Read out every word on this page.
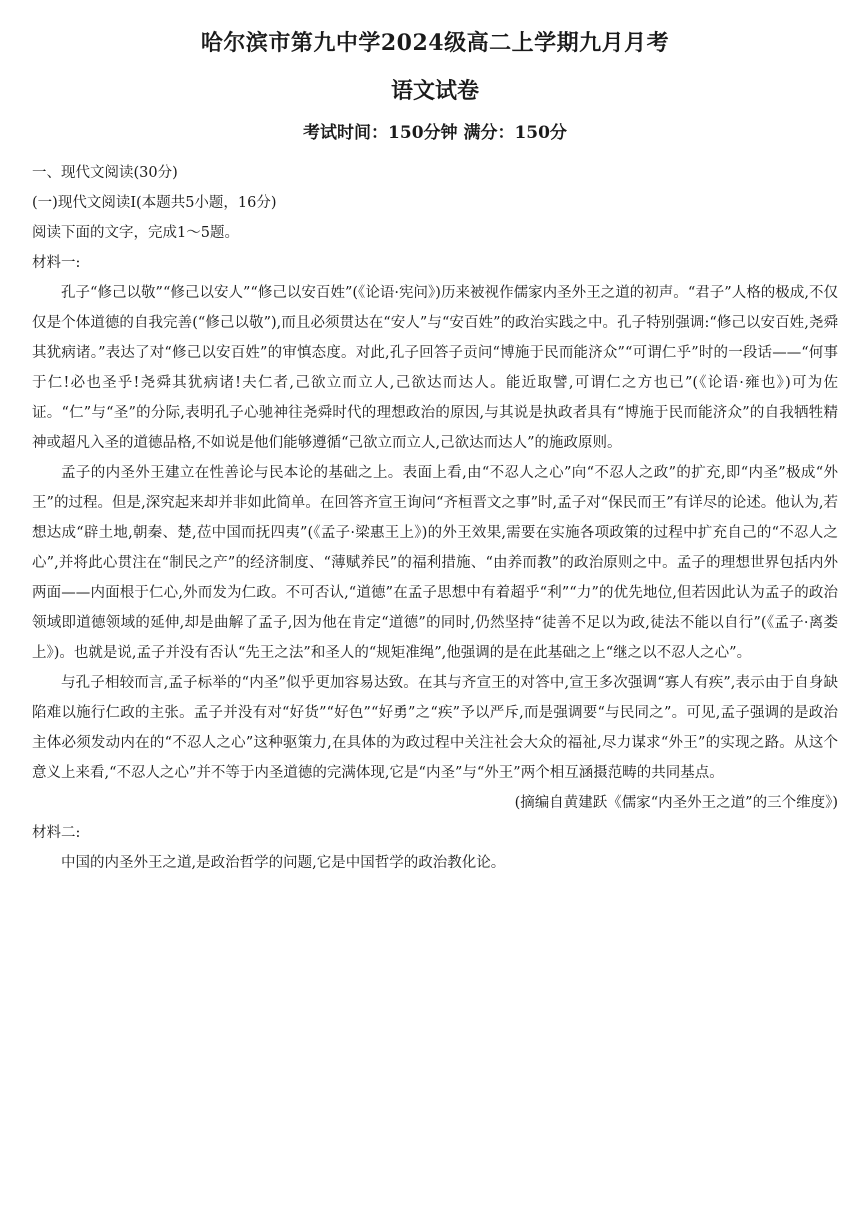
哈尔滨市第九中学2024级高二上学期九月月考
语文试卷
考试时间：150分钟 满分：150分

一、现代文阅读(30分)

(一)现代文阅读Ⅰ(本题共5小题，16分)

阅读下面的文字，完成1～5题。

材料一:

孔子“修己以敬”“修己以安人”“修己以安百姓”(《论语·宪问》)历来被视作儒家内圣外王之道的初声。“君子”人格的极成,不仅仅是个体道德的自我完善(“修己以敬”),而且必须贯达在“安人”与“安百姓”的政治实践之中。孔子特别强调:“修己以安百姓,尧舜其犹病诸。”表达了对“修己以安百姓”的审慎态度。对此,孔子回答子贡问“博施于民而能济众”“可谓仁乎”时的一段话——“何事于仁!必也圣乎!尧舜其犹病诸!夫仁者,己欲立而立人,己欲达而达人。能近取譬,可谓仁之方也已”(《论语·雍也》)可为佐证。“仁”与“圣”的分际,表明孔子心驰神往尧舜时代的理想政治的原因,与其说是执政者具有“博施于民而能济众”的自我牺牲精神或超凡入圣的道德品格,不如说是他们能够遵循“己欲立而立人,己欲达而达人”的施政原则。

孟子的内圣外王建立在性善论与民本论的基础之上。表面上看,由“不忍人之心”向“不忍人之政”的扩充,即“内圣”极成“外王”的过程。但是,深究起来却并非如此简单。在回答齐宣王询问“齐桓晋文之事”时,孟子对“保民而王”有详尽的论述。他认为,若想达成“辟土地,朝秦、楚,莅中国而抚四夷”(《孟子·梁惠王上》)的外王效果,需要在实施各项政策的过程中扩充自己的“不忍人之心”,并将此心贯注在“制民之产”的经济制度、“薄赋养民”的福利措施、“由养而教”的政治原则之中。孟子的理想世界包括内外两面——内面根于仁心,外而发为仁政。不可否认,“道德”在孟子思想中有着超乎“利”“力”的优先地位,但若因此认为孟子的政治领域即道德领域的延伸,却是曲解了孟子,因为他在肯定“道德”的同时,仍然坚持“徒善不足以为政,徒法不能以自行”(《孟子·离娄上》)。也就是说,孟子并没有否认“先王之法”和圣人的“规矩准绳”,他强调的是在此基础之上“继之以不忍人之心”。

与孔子相较而言,孟子标举的“内圣”似乎更加容易达致。在其与齐宣王的对答中,宣王多次强调“寡人有疾”,表示由于自身缺陷难以施行仁政的主张。孟子并没有对“好货”“好色”“好勇”之“疾”予以严斥,而是强调要“与民同之”。可见,孟子强调的是政治主体必须发动内在的“不忍人之心”这种驱策力,在具体的为政过程中关注社会大众的福祉,尽力谋求“外王”的实现之路。从这个意义上来看,“不忍人之心”并不等于内圣道德的完满体现,它是“内圣”与“外王”两个相互涵摄范畴的共同基点。

(摘编自黄建跃《儒家“内圣外王之道”的三个维度》)

材料二:

中国的内圣外王之道,是政治哲学的问题,它是中国哲学的政治教化论。
